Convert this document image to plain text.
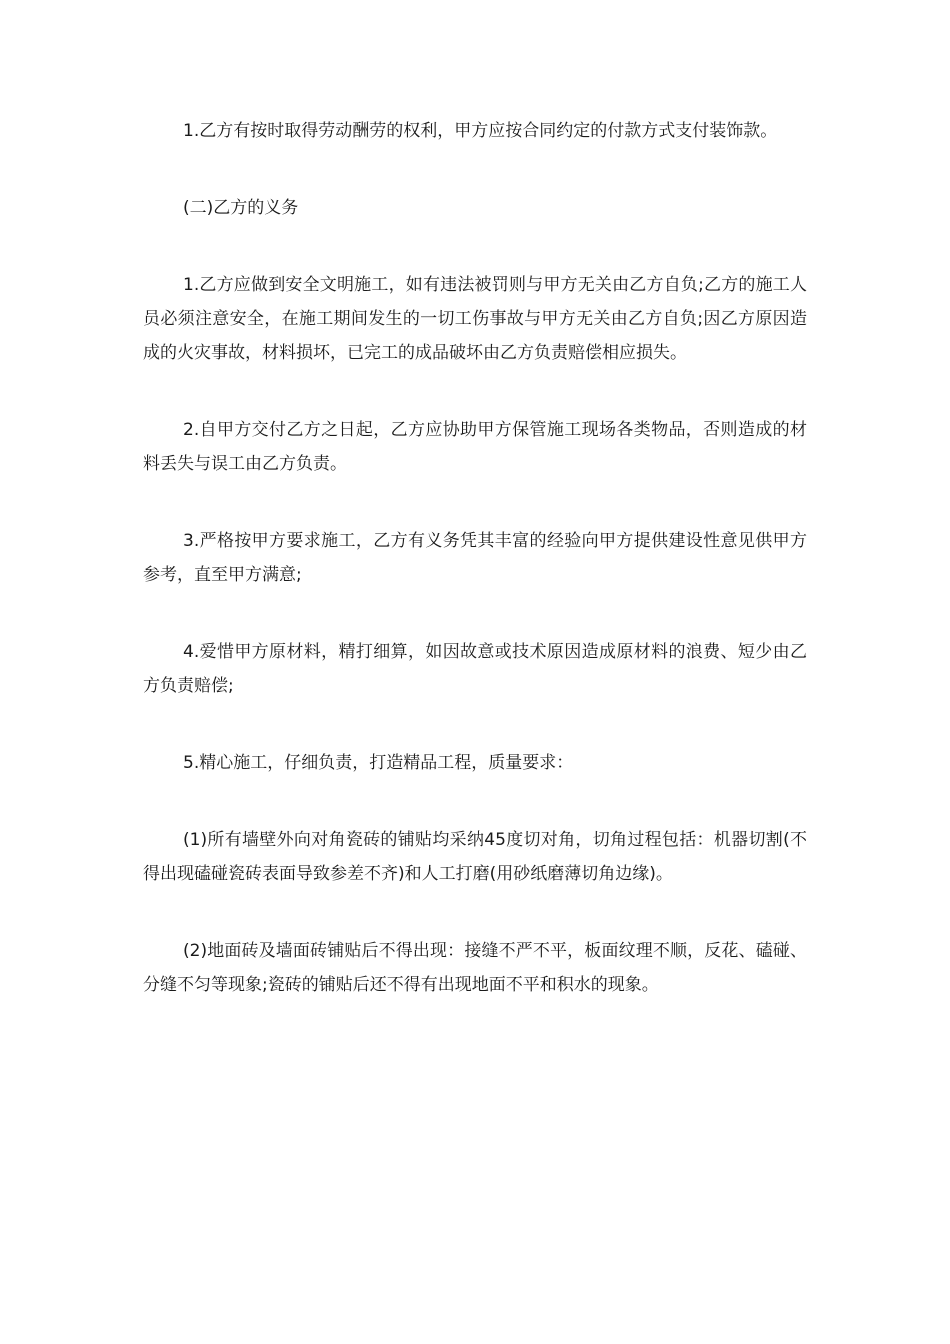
1.乙方有按时取得劳动酬劳的权利，甲方应按合同约定的付款方式支付装饰款。

(二)乙方的义务

1.乙方应做到安全文明施工，如有违法被罚则与甲方无关由乙方自负;乙方的施工人员必须注意安全，在施工期间发生的一切工伤事故与甲方无关由乙方自负;因乙方原因造成的火灾事故，材料损坏，已完工的成品破坏由乙方负责赔偿相应损失。

2.自甲方交付乙方之日起，乙方应协助甲方保管施工现场各类物品，否则造成的材料丢失与误工由乙方负责。

3.严格按甲方要求施工，乙方有义务凭其丰富的经验向甲方提供建设性意见供甲方参考，直至甲方满意;

4.爱惜甲方原材料，精打细算，如因故意或技术原因造成原材料的浪费、短少由乙方负责赔偿;

5.精心施工，仔细负责，打造精品工程，质量要求：

(1)所有墙壁外向对角瓷砖的铺贴均采纳45度切对角，切角过程包括：机器切割(不得出现磕碰瓷砖表面导致参差不齐)和人工打磨(用砂纸磨薄切角边缘)。

(2)地面砖及墙面砖铺贴后不得出现：接缝不严不平，板面纹理不顺，反花、磕碰、分缝不匀等现象;瓷砖的铺贴后还不得有出现地面不平和积水的现象。
